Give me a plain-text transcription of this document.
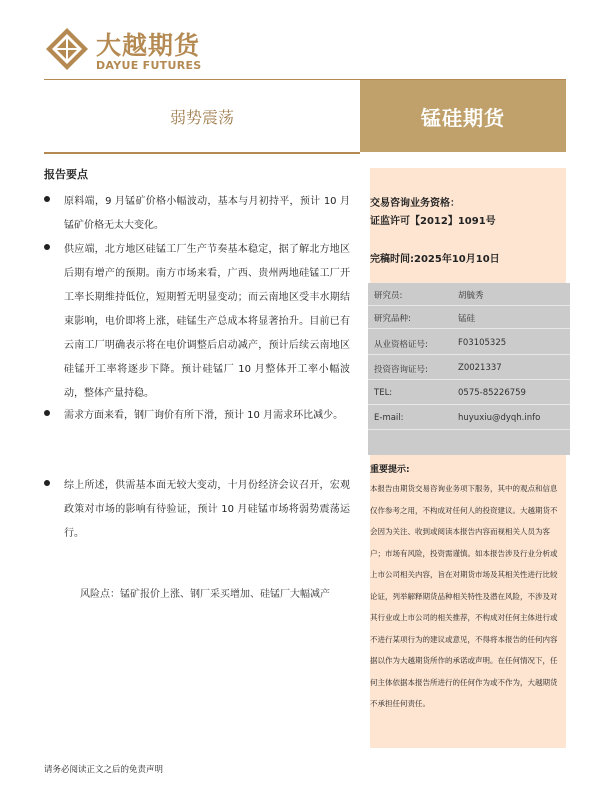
大越期货
DAYUE FUTURES
弱势震荡	锰硅期货
报告要点
原料端，9 月锰矿价格小幅波动，基本与月初持平，预计 10 月锰矿价格无太大变化。
供应端，北方地区硅锰工厂生产节奏基本稳定，据了解北方地区后期有增产的预期。南方市场来看，广西、贵州两地硅锰工厂开工率长期维持低位，短期暂无明显变动；而云南地区受丰水期结束影响，电价即将上涨，硅锰生产总成本将显著抬升。目前已有云南工厂明确表示将在电价调整后启动减产，预计后续云南地区硅锰开工率将逐步下降。预计硅锰厂 10 月整体开工率小幅波动，整体产量持稳。
需求方面来看，钢厂询价有所下滑，预计 10 月需求环比减少。
综上所述，供需基本面无较大变动，十月份经济会议召开，宏观政策对市场的影响有待验证，预计 10 月硅锰市场将弱势震荡运行。
风险点：锰矿报价上涨、钢厂采买增加、硅锰厂大幅减产
交易咨询业务资格：
证监许可【2012】1091号
完稿时间:2025年10月10日
研究员:	胡毓秀
研究品种:	锰硅
从业资格证号:	F03105325
投资咨询证号:	Z0021337
TEL:	0575-85226759
E-mail:	huyuxiu@dyqh.info
重要提示:

本报告由期货交易咨询业务项下服务，其中的观点和信息

仅作参考之用，不构成对任何人的投资建议。大越期货不

会因为关注、收到或阅读本报告内容而视相关人员为客

户；市场有风险，投资需谨慎。如本报告涉及行业分析或

上市公司相关内容，旨在对期货市场及其相关性进行比较

论证，列举解释期货品种相关特性及潜在风险，不涉及对

其行业或上市公司的相关推荐，不构成对任何主体进行或

不进行某项行为的建议或意见，不得将本报告的任何内容

据以作为大越期货所作的承诺或声明。在任何情况下，任

何主体依据本报告所进行的任何作为或不作为，大越期货

不承担任何责任。

请务必阅读正文之后的免责声明
